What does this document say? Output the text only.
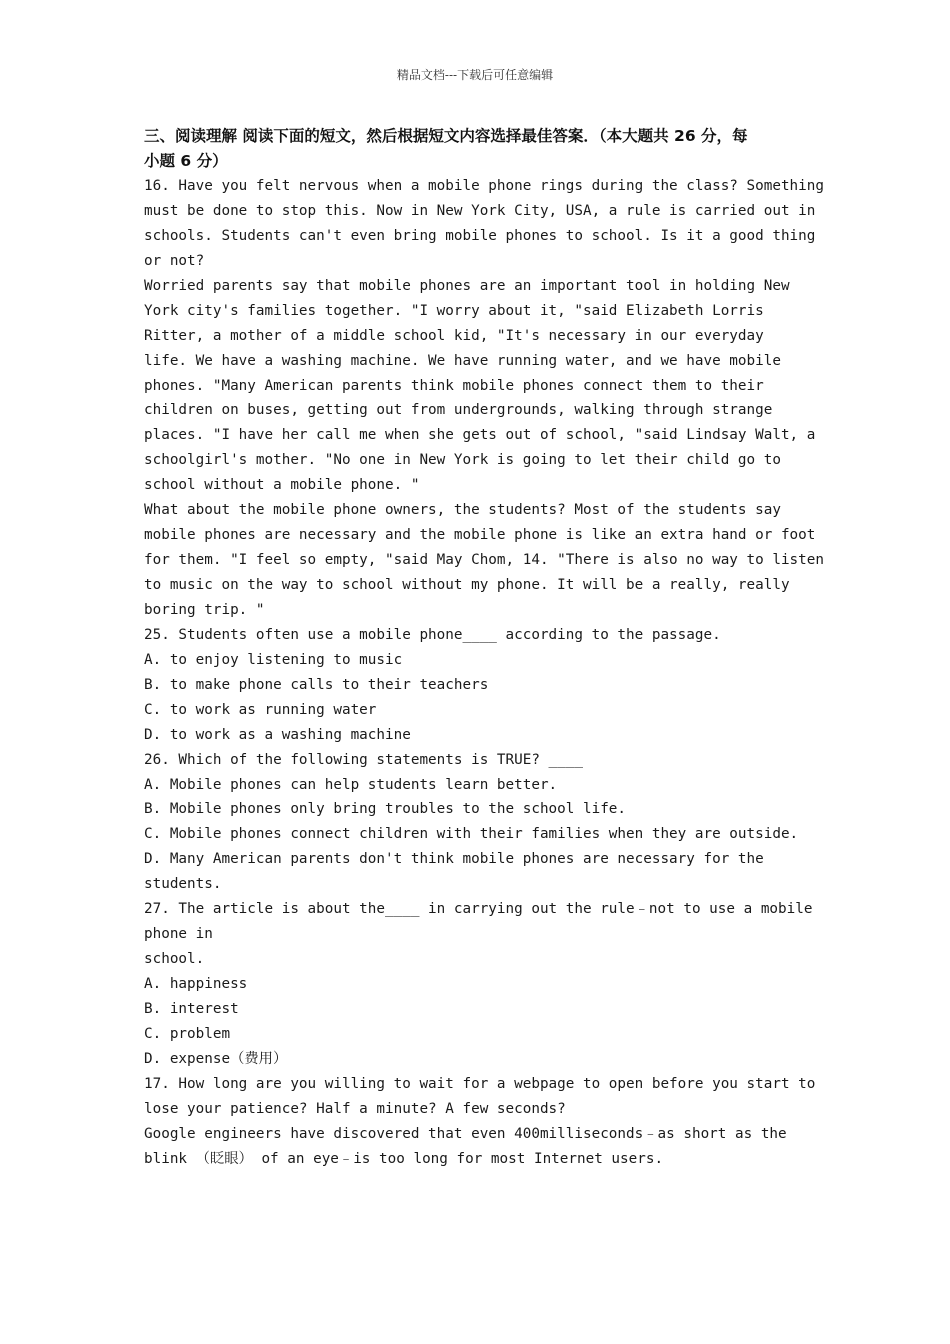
精品文档---下载后可任意编辑

三、阅读理解 阅读下面的短文，然后根据短文内容选择最佳答案．（本大题共 26 分，每

小题 6 分）

16. Have you felt nervous when a mobile phone rings during the class? Something

must be done to stop this. Now in New York City, USA, a rule is carried out in

schools. Students can't even bring mobile phones to school. Is it a good thing

or not?

Worried parents say that mobile phones are an important tool in holding New

York city's families together. "I worry about it, "said Elizabeth Lorris

Ritter, a mother of a middle school kid, "It's necessary in our everyday

life. We have a washing machine. We have running water, and we have mobile

phones. "Many American parents think mobile phones connect them to their

children on buses, getting out from undergrounds, walking through strange

places. "I have her call me when she gets out of school, "said Lindsay Walt, a

schoolgirl's mother. "No one in New York is going to let their child go to

school without a mobile phone. "

What about the mobile phone owners, the students? Most of the students say

mobile phones are necessary and the mobile phone is like an extra hand or foot

for them. "I feel so empty, "said May Chom, 14. "There is also no way to listen

to music on the way to school without my phone. It will be a really, really

boring trip. "

25. Students often use a mobile phone____ according to the passage.

A. to enjoy listening to music

B. to make phone calls to their teachers

C. to work as running water

D. to work as a washing machine

26. Which of the following statements is TRUE? ____

A. Mobile phones can help students learn better.

B. Mobile phones only bring troubles to the school life.

C. Mobile phones connect children with their families when they are outside.

D. Many American parents don't think mobile phones are necessary for the

students.

27. The article is about the____ in carrying out the rule﹣not to use a mobile

phone in

school.

A. happiness

B. interest

C. problem

D. expense（费用）

17. How long are you willing to wait for a webpage to open before you start to

lose your patience? Half a minute? A few seconds?

Google engineers have discovered that even 400milliseconds﹣as short as the

blink （眨眼） of an eye﹣is too long for most Internet users.
